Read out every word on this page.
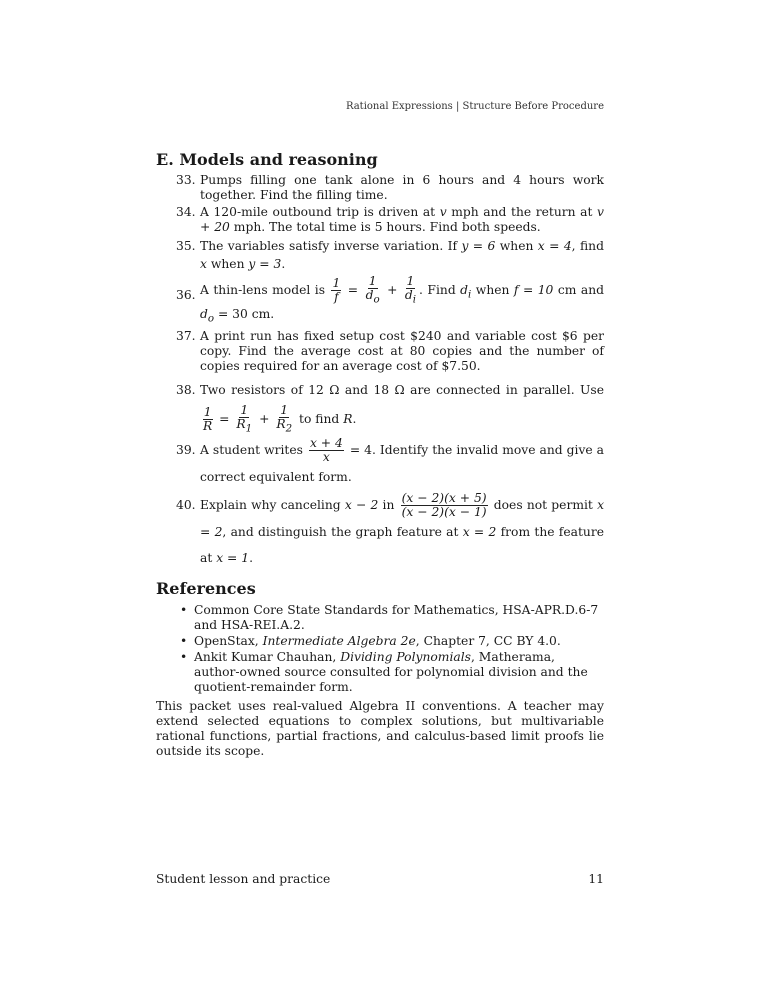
Rational Expressions | Structure Before Procedure
E. Models and reasoning
33. Pumps filling one tank alone in 6 hours and 4 hours work together. Find the filling time.
34. A 120-mile outbound trip is driven at v mph and the return at v + 20 mph. The total time is 5 hours. Find both speeds.
35. The variables satisfy inverse variation. If y = 6 when x = 4, find x when y = 3.
36. A thin-lens model is $\frac{1}{f} = \frac{1}{d_o} + \frac{1}{d_i}$ . Find $d_i$ when f = 10 cm and $d_o = 30$ cm.
37. A print run has fixed setup cost $240 and variable cost $6 per copy. Find the average cost at 80 copies and the number of copies required for an average cost of $7.50.
38. Two resistors of 12 Ω and 18 Ω are connected in parallel. Use
$\frac{1}{R} = \frac{1}{R_1} + \frac{1}{R_2}$ to find R.
39. A student writes $\frac{x + 4}{x} = 4$. Identify the invalid move and give a correct equivalent form.
40. Explain why canceling x − 2 in $\frac{(x - 2)(x + 5)}{(x - 2)(x - 1)}$ does not permit x = 2, and distinguish the graph feature at x = 2 from the feature at x = 1.
References
• Common Core State Standards for Mathematics, HSA-APR.D.6-7 and HSA-REI.A.2.
• OpenStax, Intermediate Algebra 2e, Chapter 7, CC BY 4.0.
• Ankit Kumar Chauhan, Dividing Polynomials, Matherama, author-owned source consulted for polynomial division and the quotient-remainder form.

This packet uses real-valued Algebra II conventions. A teacher may extend selected equations to complex solutions, but multivariable rational functions, partial fractions, and calculus-based limit proofs lie outside its scope.

Student lesson and practice	11
